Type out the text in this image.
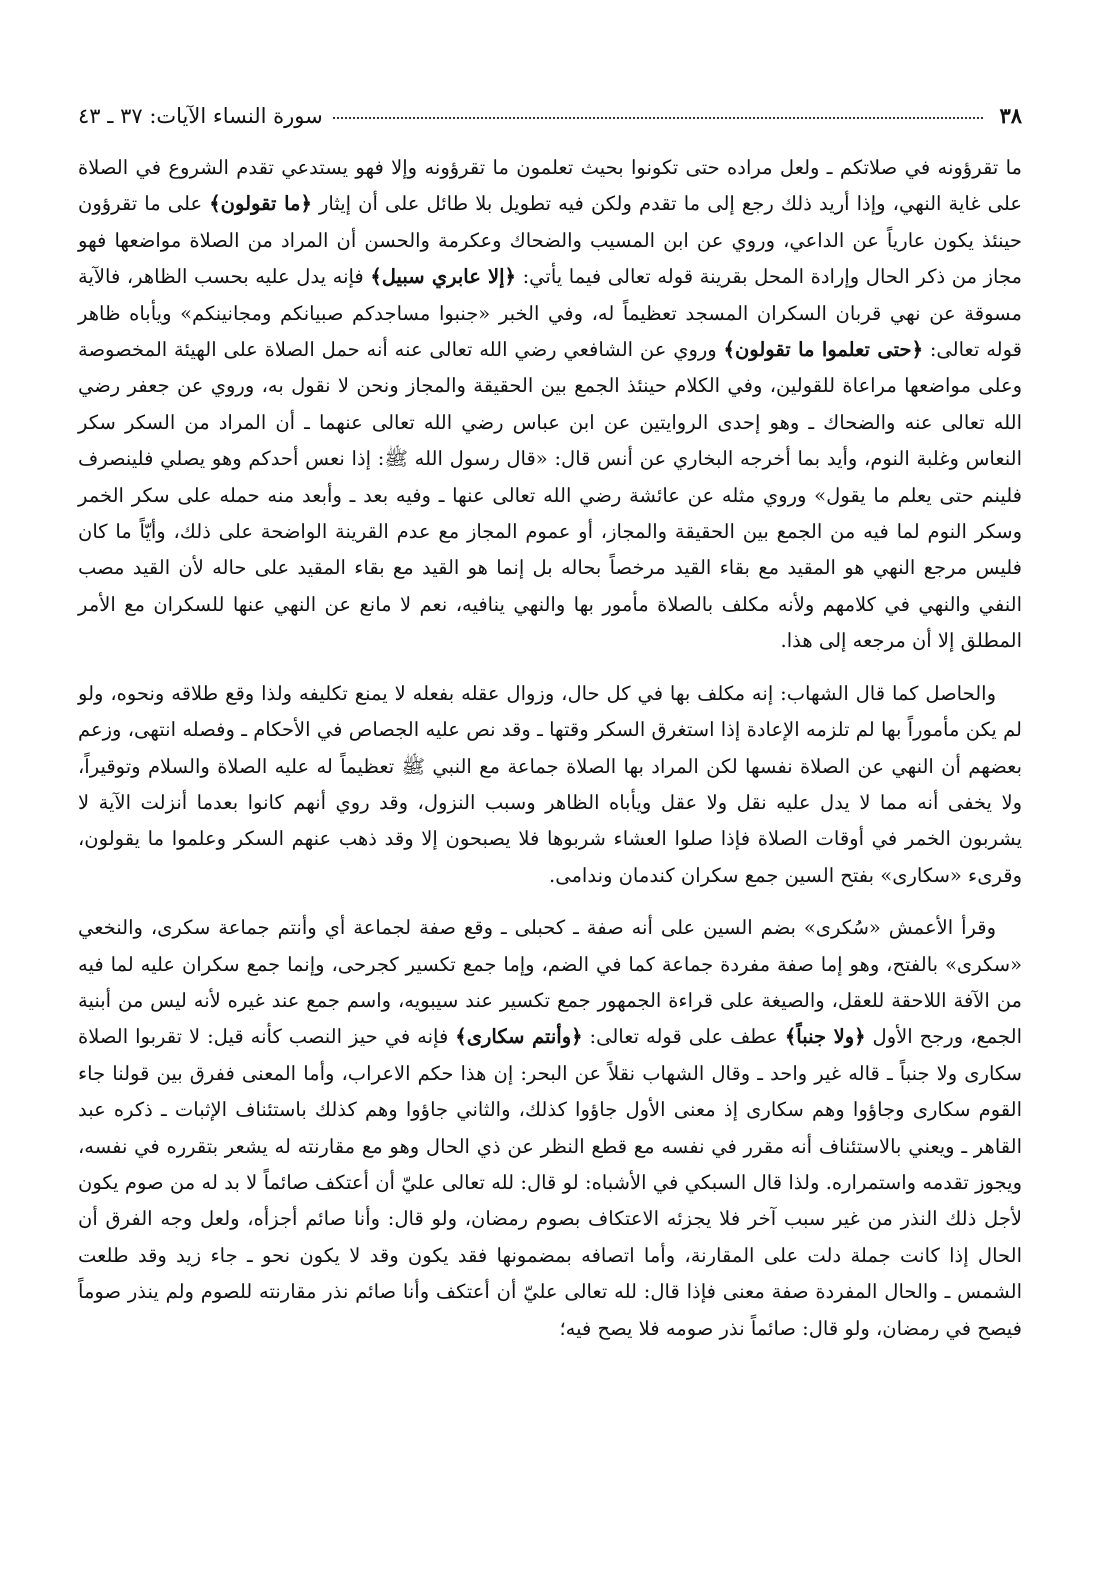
٣٨
سورة النساء الآيات: ٣٧ ـ ٤٣

ما تقرؤونه في صلاتكم ـ ولعل مراده حتى تكونوا بحيث تعلمون ما تقرؤونه وإلا فهو يستدعي تقدم الشروع في الصلاة على غاية النهي، وإذا أريد ذلك رجع إلى ما تقدم ولكن فيه تطويل بلا طائل على أن إيثار ﴿ما تقولون﴾ على ما تقرؤون حينئذ يكون عارياً عن الداعي، وروي عن ابن المسيب والضحاك وعكرمة والحسن أن المراد من الصلاة مواضعها فهو مجاز من ذكر الحال وإرادة المحل بقرينة قوله تعالى فيما يأتي: ﴿إلا عابري سبيل﴾ فإنه يدل عليه بحسب الظاهر، فالآية مسوقة عن نهي قربان السكران المسجد تعظيماً له، وفي الخبر «جنبوا مساجدكم صبيانكم ومجانينكم» ويأباه ظاهر قوله تعالى: ﴿حتى تعلموا ما تقولون﴾ وروي عن الشافعي رضي الله تعالى عنه أنه حمل الصلاة على الهيئة المخصوصة وعلى مواضعها مراعاة للقولين، وفي الكلام حينئذ الجمع بين الحقيقة والمجاز ونحن لا نقول به، وروي عن جعفر رضي الله تعالى عنه والضحاك ـ وهو إحدى الروايتين عن ابن عباس رضي الله تعالى عنهما ـ أن المراد من السكر سكر النعاس وغلبة النوم، وأيد بما أخرجه البخاري عن أنس قال: «قال رسول الله ﷺ: إذا نعس أحدكم وهو يصلي فلينصرف فلينم حتى يعلم ما يقول» وروي مثله عن عائشة رضي الله تعالى عنها ـ وفيه بعد ـ وأبعد منه حمله على سكر الخمر وسكر النوم لما فيه من الجمع بين الحقيقة والمجاز، أو عموم المجاز مع عدم القرينة الواضحة على ذلك، وأيّاً ما كان فليس مرجع النهي هو المقيد مع بقاء القيد مرخصاً بحاله بل إنما هو القيد مع بقاء المقيد على حاله لأن القيد مصب النفي والنهي في كلامهم ولأنه مكلف بالصلاة مأمور بها والنهي ينافيه، نعم لا مانع عن النهي عنها للسكران مع الأمر المطلق إلا أن مرجعه إلى هذا.

والحاصل كما قال الشهاب: إنه مكلف بها في كل حال، وزوال عقله بفعله لا يمنع تكليفه ولذا وقع طلاقه ونحوه، ولو لم يكن مأموراً بها لم تلزمه الإعادة إذا استغرق السكر وقتها ـ وقد نص عليه الجصاص في الأحكام ـ وفصله انتهى، وزعم بعضهم أن النهي عن الصلاة نفسها لكن المراد بها الصلاة جماعة مع النبي ﷺ تعظيماً له عليه الصلاة والسلام وتوقيراً، ولا يخفى أنه مما لا يدل عليه نقل ولا عقل ويأباه الظاهر وسبب النزول، وقد روي أنهم كانوا بعدما أنزلت الآية لا يشربون الخمر في أوقات الصلاة فإذا صلوا العشاء شربوها فلا يصبحون إلا وقد ذهب عنهم السكر وعلموا ما يقولون، وقرىء «سكارى» بفتح السين جمع سكران كندمان وندامى.

وقرأ الأعمش «سُكرى» بضم السين على أنه صفة ـ كحبلى ـ وقع صفة لجماعة أي وأنتم جماعة سكرى، والنخعي «سكرى» بالفتح، وهو إما صفة مفردة جماعة كما في الضم، وإما جمع تكسير كجرحى، وإنما جمع سكران عليه لما فيه من الآفة اللاحقة للعقل، والصيغة على قراءة الجمهور جمع تكسير عند سيبويه، واسم جمع عند غيره لأنه ليس من أبنية الجمع، ورجح الأول ﴿ولا جنباً﴾ عطف على قوله تعالى: ﴿وأنتم سكارى﴾ فإنه في حيز النصب كأنه قيل: لا تقربوا الصلاة سكارى ولا جنباً ـ قاله غير واحد ـ وقال الشهاب نقلاً عن البحر: إن هذا حكم الاعراب، وأما المعنى ففرق بين قولنا جاء القوم سكارى وجاؤوا وهم سكارى إذ معنى الأول جاؤوا كذلك، والثاني جاؤوا وهم كذلك باستئناف الإثبات ـ ذكره عبد القاهر ـ ويعني بالاستئناف أنه مقرر في نفسه مع قطع النظر عن ذي الحال وهو مع مقارنته له يشعر بتقرره في نفسه، ويجوز تقدمه واستمراره. ولذا قال السبكي في الأشباه: لو قال: لله تعالى عليّ أن أعتكف صائماً لا بد له من صوم يكون لأجل ذلك النذر من غير سبب آخر فلا يجزئه الاعتكاف بصوم رمضان، ولو قال: وأنا صائم أجزأه، ولعل وجه الفرق أن الحال إذا كانت جملة دلت على المقارنة، وأما اتصافه بمضمونها فقد يكون وقد لا يكون نحو ـ جاء زيد وقد طلعت الشمس ـ والحال المفردة صفة معنى فإذا قال: لله تعالى عليّ أن أعتكف وأنا صائم نذر مقارنته للصوم ولم ينذر صوماً فيصح في رمضان، ولو قال: صائماً نذر صومه فلا يصح فيه؛
